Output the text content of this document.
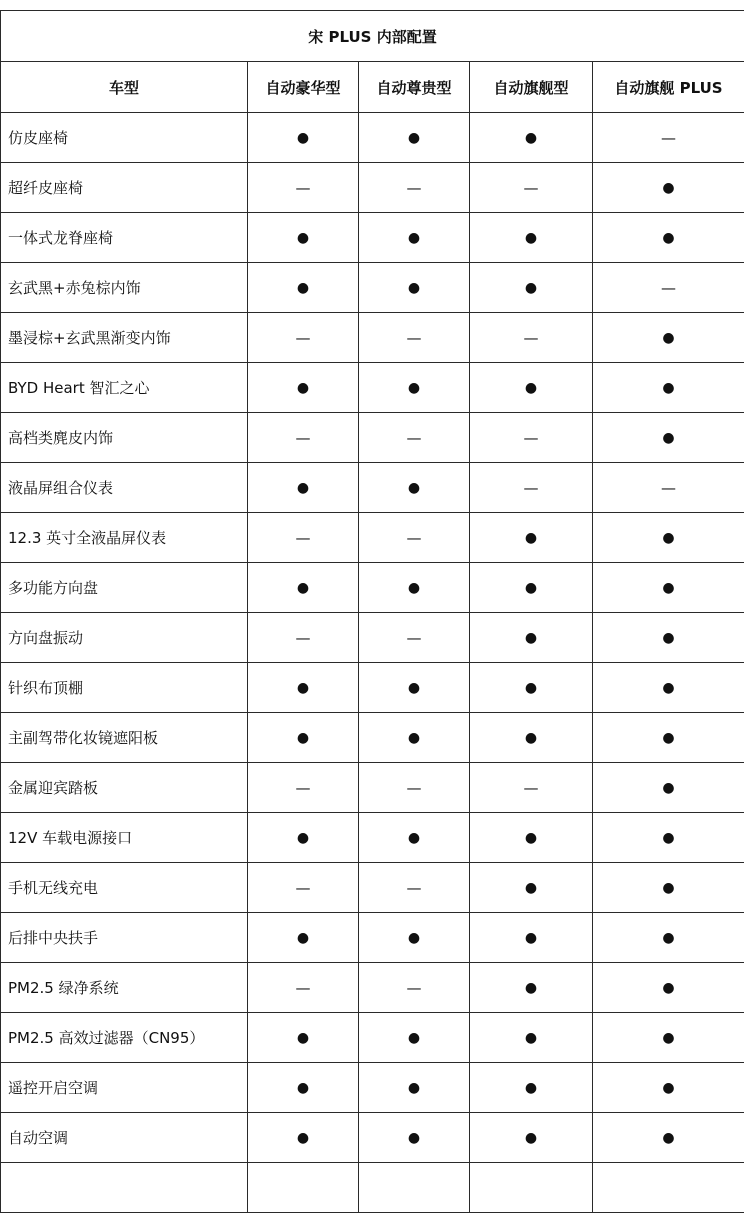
宋 PLUS 内部配置				
车型	自动豪华型	自动尊贵型	自动旗舰型	自动旗舰 PLUS
仿皮座椅	●	●	●	—
超纤皮座椅	—	—	—	●
一体式龙脊座椅	●	●	●	●
玄武黑+赤兔棕内饰	●	●	●	—
墨浸棕+玄武黑渐变内饰	—	—	—	●
BYD Heart 智汇之心	●	●	●	●
高档类麂皮内饰	—	—	—	●
液晶屏组合仪表	●	●	—	—
12.3 英寸全液晶屏仪表	—	—	●	●
多功能方向盘	●	●	●	●
方向盘振动	—	—	●	●
针织布顶棚	●	●	●	●
主副驾带化妆镜遮阳板	●	●	●	●
金属迎宾踏板	—	—	—	●
12V 车载电源接口	●	●	●	●
手机无线充电	—	—	●	●
后排中央扶手	●	●	●	●
PM2.5 绿净系统	—	—	●	●
PM2.5 高效过滤器（CN95）	●	●	●	●
遥控开启空调	●	●	●	●
自动空调	●	●	●	●
